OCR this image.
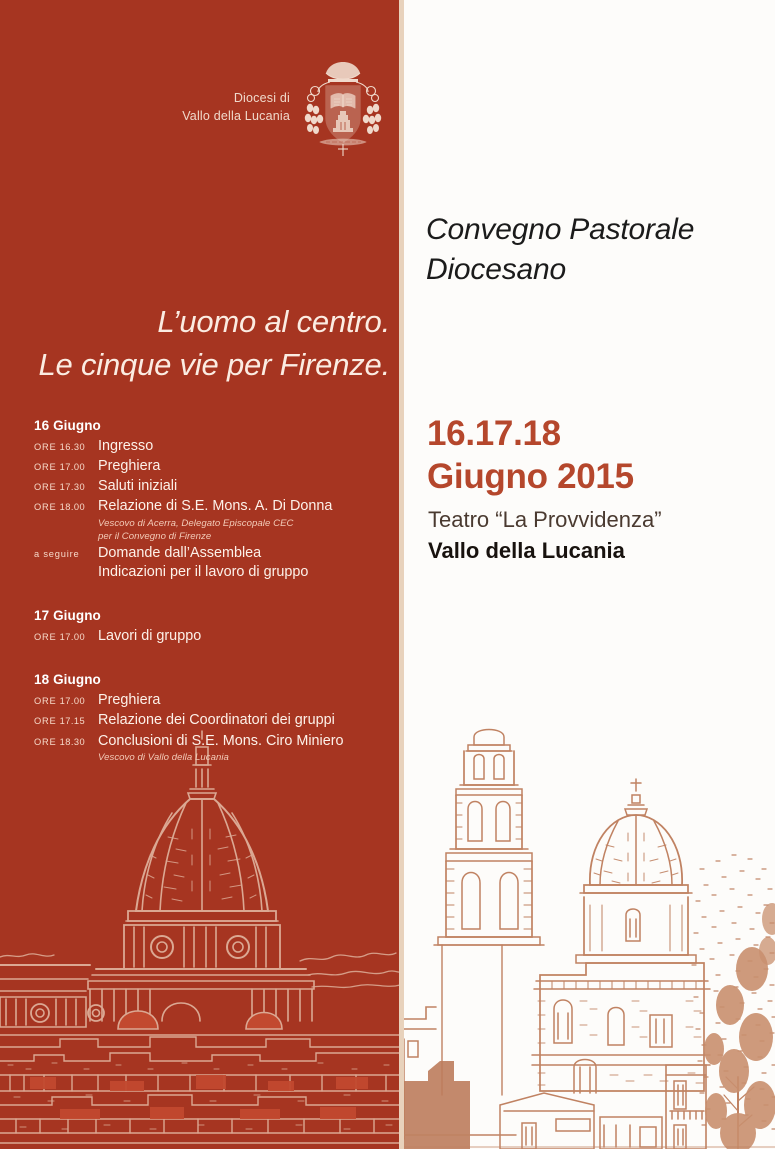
Diocesi di
Vallo della Lucania
L’uomo al centro.
Le cinque vie per Firenze.
16 Giugno
ORE 16.30 Ingresso
ORE 17.00 Preghiera
ORE 17.30 Saluti iniziali
ORE 18.00 Relazione di S.E. Mons. A. Di Donna
Vescovo di Acerra, Delegato Episcopale CEC
per il Convegno di Firenze
a seguire	Domande dall’Assemblea
Indicazioni per il lavoro di gruppo
17 Giugno
ORE 17.00 Lavori di gruppo
18 Giugno
ORE 17.00 Preghiera
ORE 17.15 Relazione dei Coordinatori dei gruppi
ORE 18.30 Conclusioni di S.E. Mons. Ciro Miniero
Vescovo di Vallo della Lucania
Convegno Pastorale
Diocesano
16.17.18
Giugno 2015
Teatro “La Provvidenza”
Vallo della Lucania
